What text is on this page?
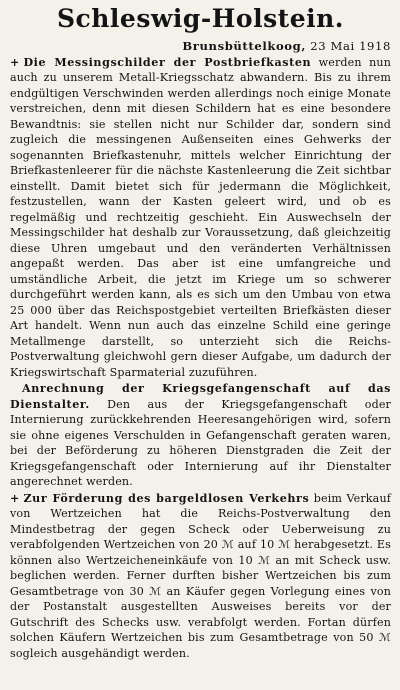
Schleswig-Holstein.
Brunsbüttelkoog, 23 Mai 1918

+ Die Messingschilder der Postbriefkasten werden nun auch zu unserem Metall-Kriegsschatz abwandern. Bis zu ihrem endgültigen Verschwinden werden allerdings noch einige Monate verstreichen, denn mit diesen Schildern hat es eine besondere Bewandtnis: sie stellen nicht nur Schilder dar, sondern sind zugleich die messingenen Außenseiten eines Gehwerks der sogenannten Briefkastenuhr, mittels welcher Einrichtung der Briefkastenleerer für die nächste Kastenleerung die Zeit sichtbar einstellt. Damit bietet sich für jedermann die Möglichkeit, festzustellen, wann der Kasten geleert wird, und ob es regelmäßig und rechtzeitig geschieht. Ein Auswechseln der Messingschilder hat deshalb zur Voraussetzung, daß gleichzeitig diese Uhren umgebaut und den veränderten Verhältnissen angepaßt werden. Das aber ist eine umfangreiche und umständliche Arbeit, die jetzt im Kriege um so schwerer durchgeführt werden kann, als es sich um den Umbau von etwa 25 000 über das Reichspostgebiet verteilten Briefkästen dieser Art handelt. Wenn nun auch das einzelne Schild eine geringe Metallmenge darstellt, so unterzieht sich die Reichs-Postverwaltung gleichwohl gern dieser Aufgabe, um dadurch der Kriegswirtschaft Sparmaterial zuzuführen.

Anrechnung der Kriegsgefangenschaft auf das Dienstalter. Den aus der Kriegsgefangenschaft oder Internierung zurückkehrenden Heeresangehörigen wird, sofern sie ohne eigenes Verschulden in Gefangenschaft geraten waren, bei der Beförderung zu höheren Dienstgraden die Zeit der Kriegsgefangenschaft oder Internierung auf ihr Dienstalter angerechnet werden.

+ Zur Förderung des bargeldlosen Verkehrs beim Verkauf von Wertzeichen hat die Reichs-Postverwaltung den Mindestbetrag der gegen Scheck oder Ueberweisung zu verabfolgenden Wertzeichen von 20 ℳ auf 10 ℳ herabgesetzt. Es können also Wertzeicheneinkäufe von 10 ℳ an mit Scheck usw. beglichen werden. Ferner durften bisher Wertzeichen bis zum Gesamtbetrage von 30 ℳ an Käufer gegen Vorlegung eines von der Postanstalt ausgestellten Ausweises bereits vor der Gutschrift des Schecks usw. verabfolgt werden. Fortan dürfen solchen Käufern Wertzeichen bis zum Gesamtbetrage von 50 ℳ sogleich ausgehändigt werden.
